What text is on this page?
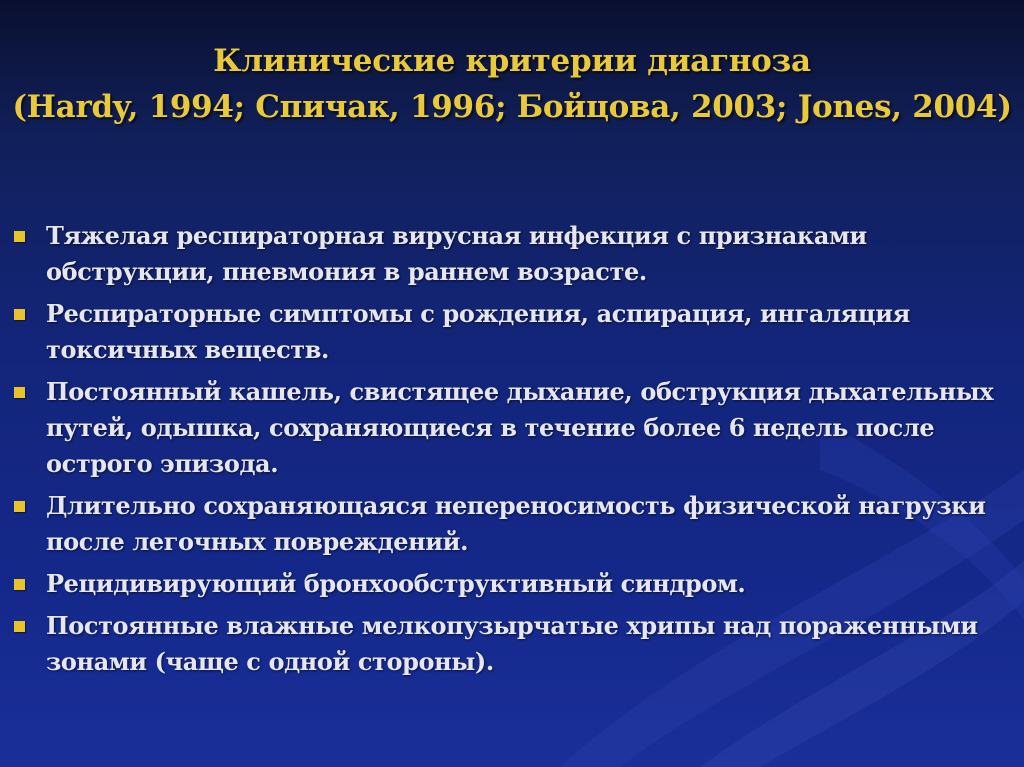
Клинические критерии диагноза
(Hardy, 1994; Спичак, 1996; Бойцова, 2003; Jones, 2004)
Тяжелая респираторная вирусная инфекция с признаками обструкции, пневмония в раннем возрасте.
Респираторные симптомы с рождения, аспирация, ингаляция токсичных веществ.
Постоянный кашель, свистящее дыхание, обструкция дыхательных путей, одышка, сохраняющиеся в течение более 6 недель после острого эпизода.
Длительно сохраняющаяся непереносимость физической нагрузки после легочных повреждений.
Рецидивирующий бронхообструктивный синдром.
Постоянные влажные мелкопузырчатые хрипы над пораженными зонами (чаще с одной стороны).
